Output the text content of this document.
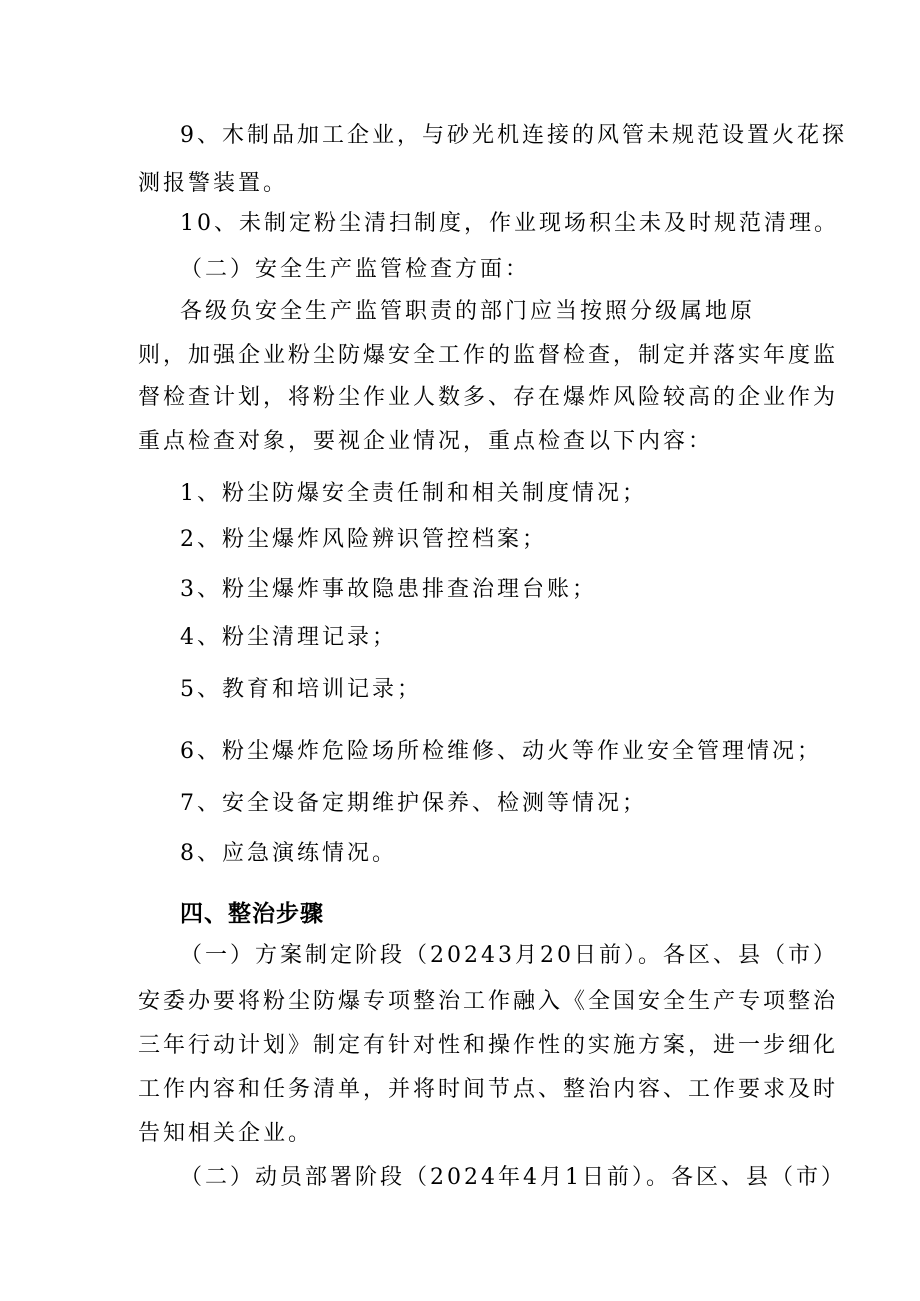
9、木制品加工企业，与砂光机连接的风管未规范设置火花探

测报警装置。

10、未制定粉尘清扫制度，作业现场积尘未及时规范清理。

（二）安全生产监管检查方面：

各级负安全生产监管职责的部门应当按照分级属地原

则，加强企业粉尘防爆安全工作的监督检查，制定并落实年度监

督检查计划，将粉尘作业人数多、存在爆炸风险较高的企业作为

重点检查对象，要视企业情况，重点检查以下内容：

1、粉尘防爆安全责任制和相关制度情况；

2、粉尘爆炸风险辨识管控档案；

3、粉尘爆炸事故隐患排查治理台账；

4、粉尘清理记录；

5、教育和培训记录；

6、粉尘爆炸危险场所检维修、动火等作业安全管理情况；

7、安全设备定期维护保养、检测等情况；

8、应急演练情况。

四、整治步骤

（一）方案制定阶段（20243月20日前）。各区、县（市）

安委办要将粉尘防爆专项整治工作融入《全国安全生产专项整治

三年行动计划》制定有针对性和操作性的实施方案，进一步细化

工作内容和任务清单，并将时间节点、整治内容、工作要求及时

告知相关企业。

（二）动员部署阶段（2024年4月1日前）。各区、县（市）
